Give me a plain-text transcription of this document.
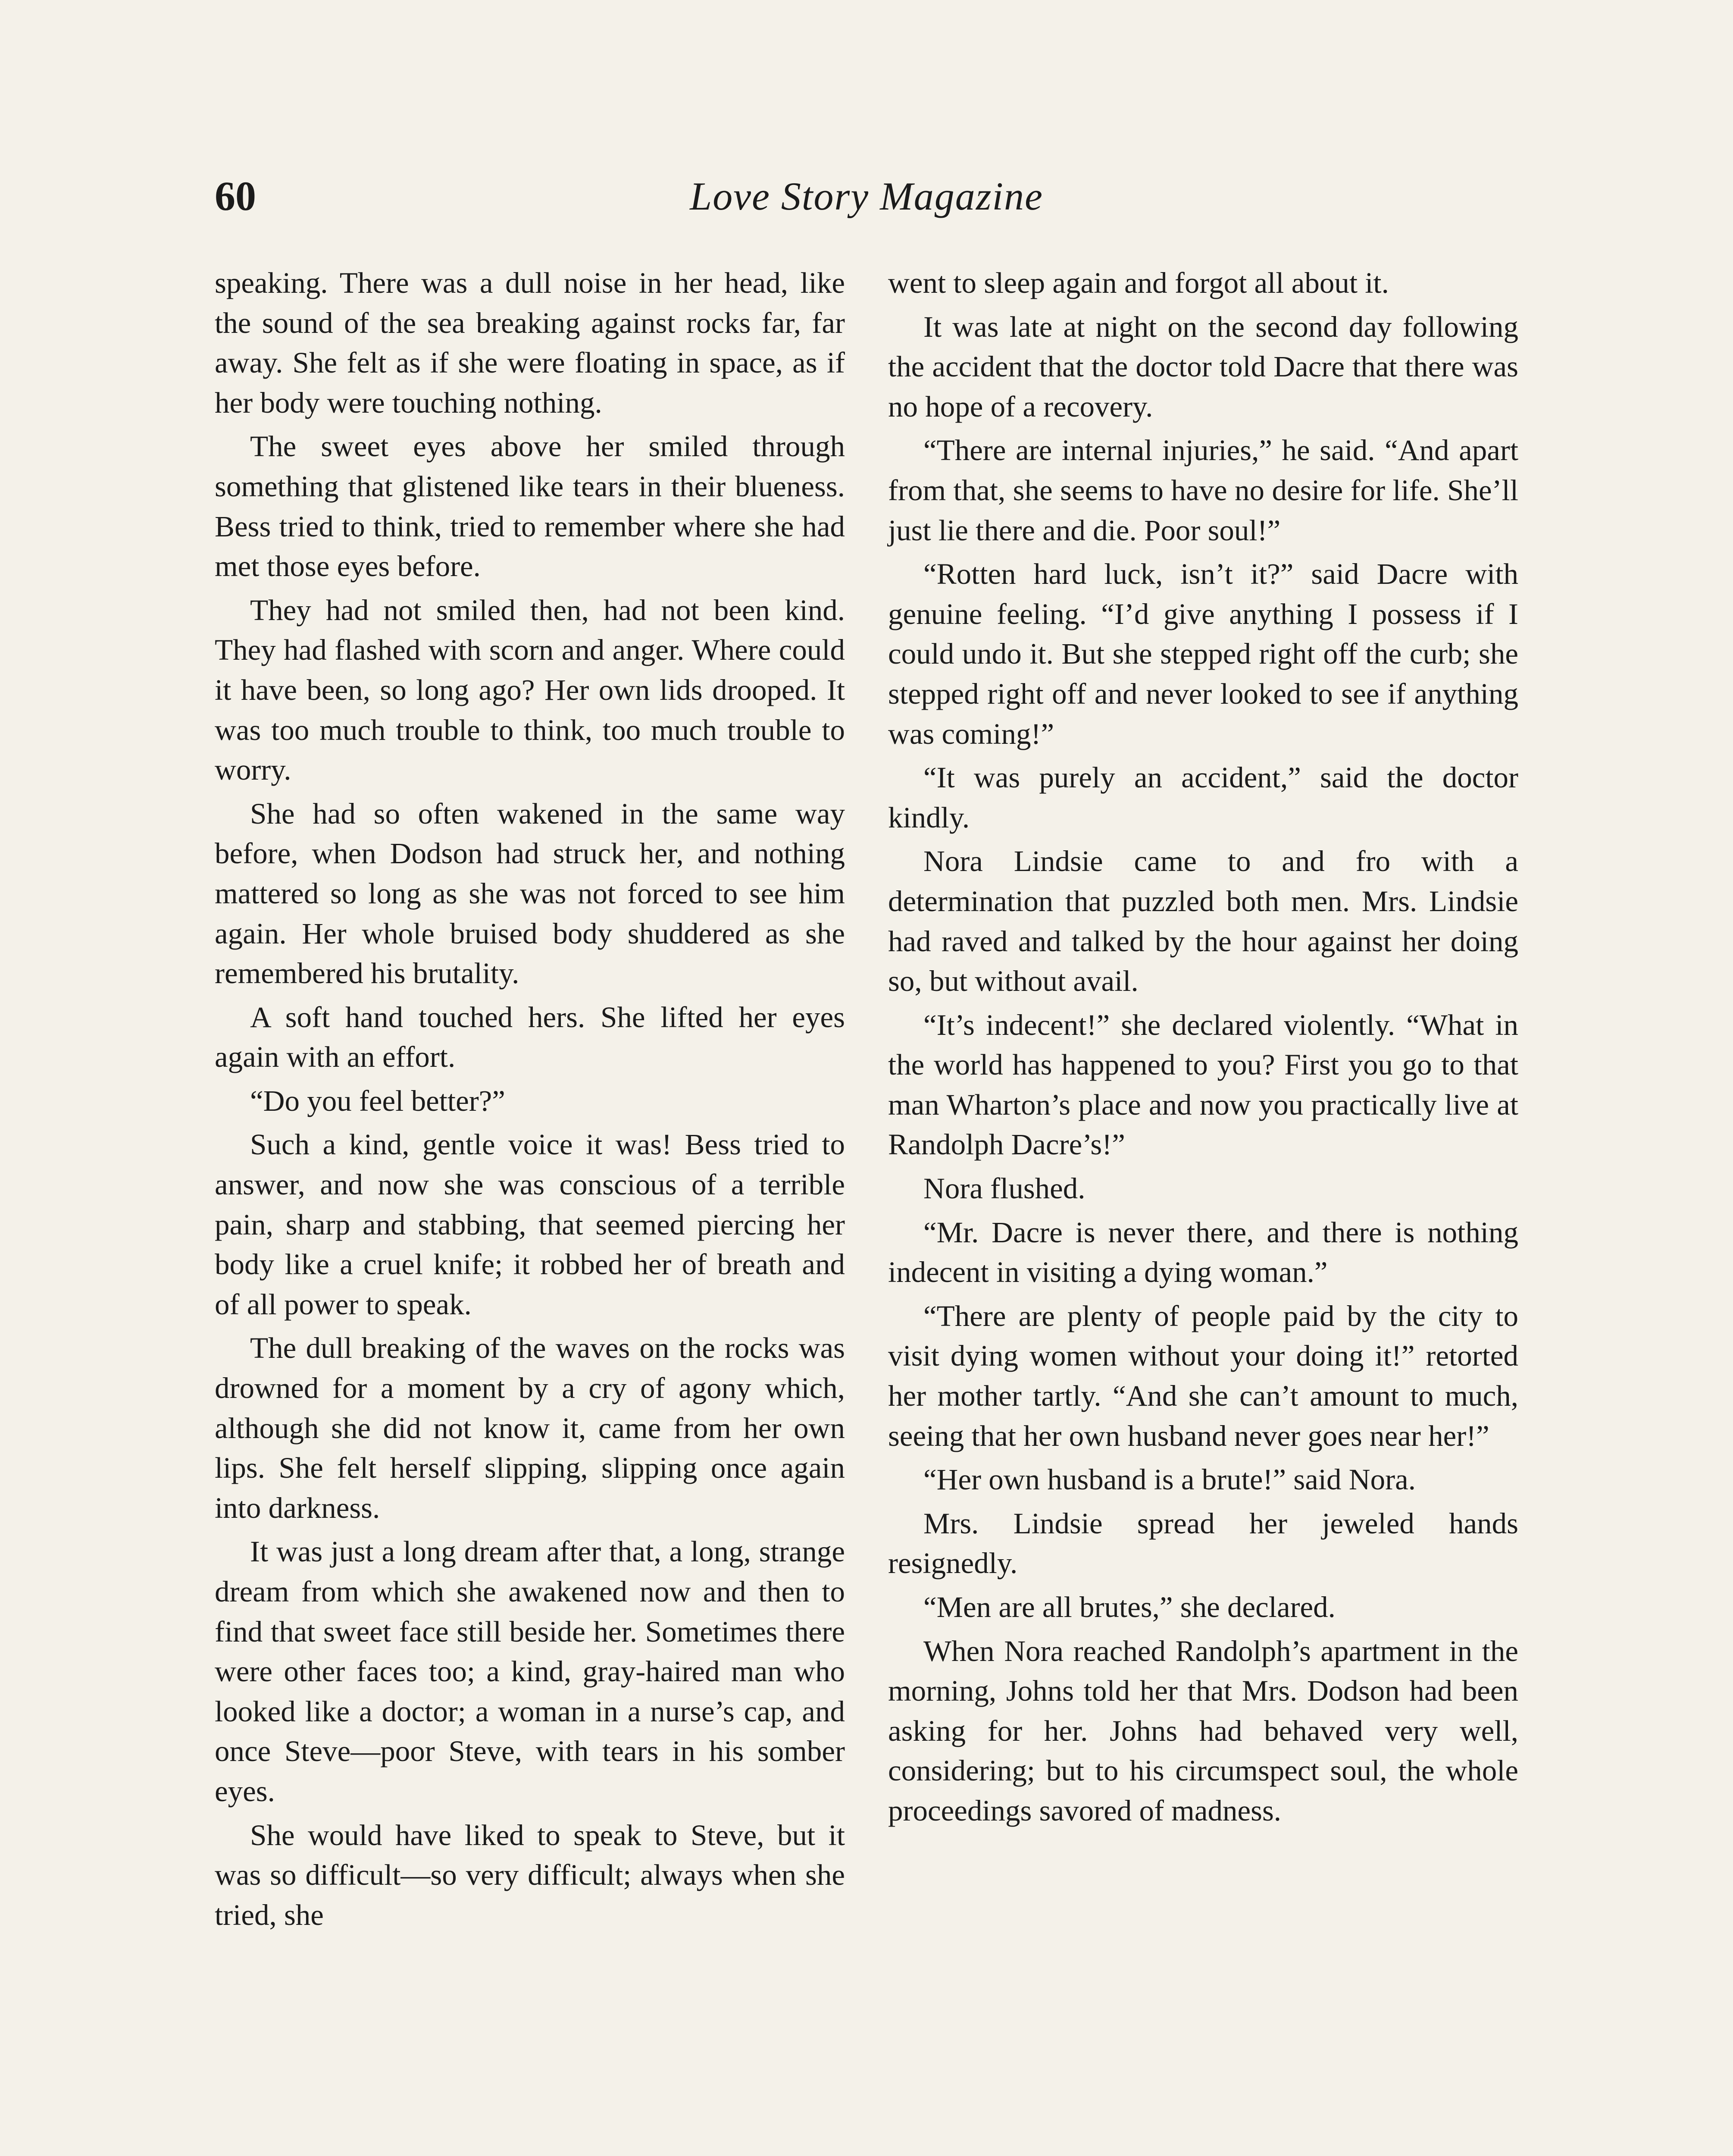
60	Love Story Magazine

speaking. There was a dull noise in her head, like the sound of the sea breaking against rocks far, far away. She felt as if she were floating in space, as if her body were touching nothing.

The sweet eyes above her smiled through something that glistened like tears in their blueness. Bess tried to think, tried to remember where she had met those eyes before.

They had not smiled then, had not been kind. They had flashed with scorn and anger. Where could it have been, so long ago? Her own lids drooped. It was too much trouble to think, too much trouble to worry.

She had so often wakened in the same way before, when Dodson had struck her, and nothing mattered so long as she was not forced to see him again. Her whole bruised body shuddered as she remembered his brutality.

A soft hand touched hers. She lifted her eyes again with an effort.

“Do you feel better?”

Such a kind, gentle voice it was! Bess tried to answer, and now she was conscious of a terrible pain, sharp and stabbing, that seemed piercing her body like a cruel knife; it robbed her of breath and of all power to speak.

The dull breaking of the waves on the rocks was drowned for a moment by a cry of agony which, although she did not know it, came from her own lips. She felt herself slipping, slipping once again into darkness.

It was just a long dream after that, a long, strange dream from which she awakened now and then to find that sweet face still beside her. Sometimes there were other faces too; a kind, gray-haired man who looked like a doctor; a woman in a nurse’s cap, and once Steve—poor Steve, with tears in his somber eyes.

She would have liked to speak to Steve, but it was so difficult—so very difficult; always when she tried, she

went to sleep again and forgot all about it.

It was late at night on the second day following the accident that the doctor told Dacre that there was no hope of a recovery.

“There are internal injuries,” he said. “And apart from that, she seems to have no desire for life. She’ll just lie there and die. Poor soul!”

“Rotten hard luck, isn’t it?” said Dacre with genuine feeling. “I’d give anything I possess if I could undo it. But she stepped right off the curb; she stepped right off and never looked to see if anything was coming!”

“It was purely an accident,” said the doctor kindly.

Nora Lindsie came to and fro with a determination that puzzled both men. Mrs. Lindsie had raved and talked by the hour against her doing so, but without avail.

“It’s indecent!” she declared violently. “What in the world has happened to you? First you go to that man Wharton’s place and now you practically live at Randolph Dacre’s!”

Nora flushed.

“Mr. Dacre is never there, and there is nothing indecent in visiting a dying woman.”

“There are plenty of people paid by the city to visit dying women without your doing it!” retorted her mother tartly. “And she can’t amount to much, seeing that her own husband never goes near her!”

“Her own husband is a brute!” said Nora.

Mrs. Lindsie spread her jeweled hands resignedly.

“Men are all brutes,” she declared.

When Nora reached Randolph’s apartment in the morning, Johns told her that Mrs. Dodson had been asking for her. Johns had behaved very well, considering; but to his circumspect soul, the whole proceedings savored of madness.
